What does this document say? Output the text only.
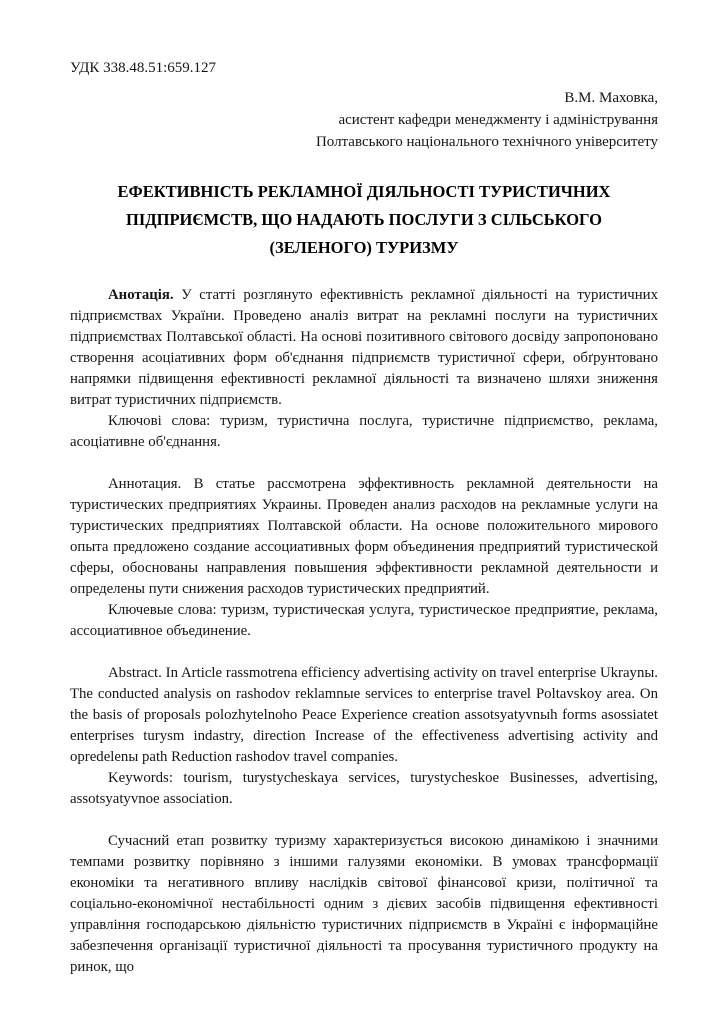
УДК 338.48.51:659.127
В.М. Маховка,
асистент кафедри менеджменту і адміністрування
Полтавського національного технічного університету
ЕФЕКТИВНІСТЬ РЕКЛАМНОЇ ДІЯЛЬНОСТІ ТУРИСТИЧНИХ ПІДПРИЄМСТВ, ЩО НАДАЮТЬ ПОСЛУГИ З СІЛЬСЬКОГО (ЗЕЛЕНОГО) ТУРИЗМУ

Анотація. У статті розглянуто ефективність рекламної діяльності на туристичних підприємствах України. Проведено аналіз витрат на рекламні послуги на туристичних підприємствах Полтавської області. На основі позитивного світового досвіду запропоновано створення асоціативних форм об'єднання підприємств туристичної сфери, обґрунтовано напрямки підвищення ефективності рекламної діяльності та визначено шляхи зниження витрат туристичних підприємств.

Ключові слова: туризм, туристична послуга, туристичне підприємство, реклама, асоціативне об'єднання.

Аннотация. В статье рассмотрена эффективность рекламной деятельности на туристических предприятиях Украины. Проведен анализ расходов на рекламные услуги на туристических предприятиях Полтавской области. На основе положительного мирового опыта предложено создание ассоциативных форм объединения предприятий туристической сферы, обоснованы направления повышения эффективности рекламной деятельности и определены пути снижения расходов туристических предприятий.

Ключевые слова: туризм, туристическая услуга, туристическое предприятие, реклама, ассоциативное объединение.

Abstract. In Article rassmotrena efficiency advertising activity on travel enterprise Ukraynы. The conducted analysis on rashodov reklamnыe services to enterprise travel Poltavskoy area. On the basis of proposals polozhytelnoho Peace Experience creation assotsyatyvnыh forms asossiatet enterprises turysm indastry, direction Increase of the effectiveness advertising activity and opredelenы path Reduction rashodov travel companies.

Keywords: tourism, turystycheskaya services, turystycheskoe Businesses, advertising, assotsyatyvnoe association.

Сучасний етап розвитку туризму характеризується високою динамікою і значними темпами розвитку порівняно з іншими галузями економіки. В умовах трансформації економіки та негативного впливу наслідків світової фінансової кризи, політичної та соціально-економічної нестабільності одним з дієвих засобів підвищення ефективності управління господарською діяльністю туристичних підприємств в Україні є інформаційне забезпечення організації туристичної діяльності та просування туристичного продукту на ринок, що
